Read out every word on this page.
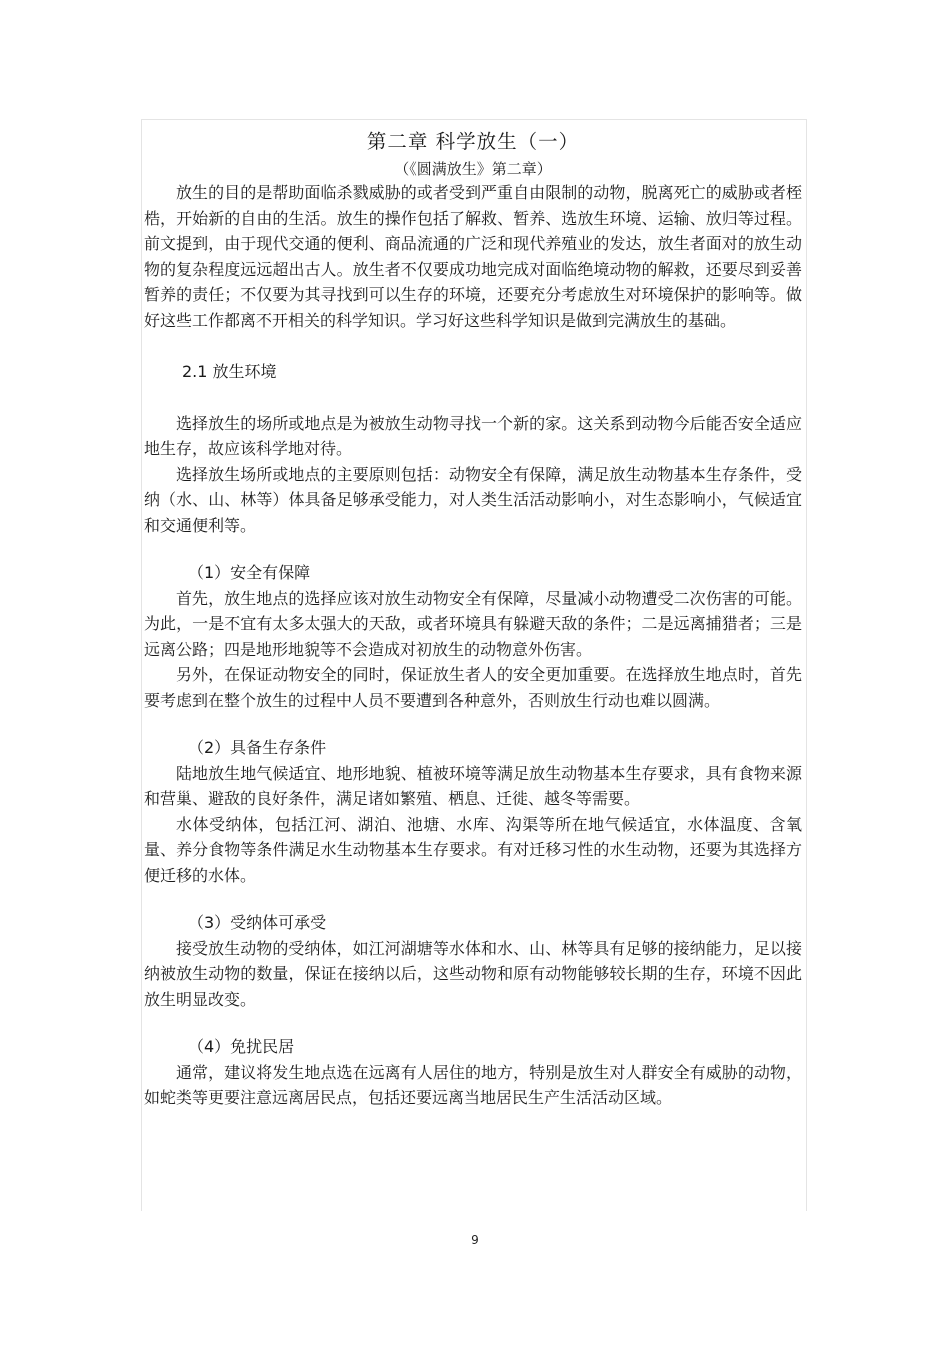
第二章 科学放生（一）

（《圆满放生》第二章）

放生的目的是帮助面临杀戮威胁的或者受到严重自由限制的动物，脱离死亡的威胁或者桎梏，开始新的自由的生活。放生的操作包括了解救、暂养、选放生环境、运输、放归等过程。前文提到，由于现代交通的便利、商品流通的广泛和现代养殖业的发达，放生者面对的放生动物的复杂程度远远超出古人。放生者不仅要成功地完成对面临绝境动物的解救，还要尽到妥善暂养的责任；不仅要为其寻找到可以生存的环境，还要充分考虑放生对环境保护的影响等。做好这些工作都离不开相关的科学知识。学习好这些科学知识是做到完满放生的基础。

2.1 放生环境

选择放生的场所或地点是为被放生动物寻找一个新的家。这关系到动物今后能否安全适应地生存，故应该科学地对待。

选择放生场所或地点的主要原则包括：动物安全有保障，满足放生动物基本生存条件，受纳（水、山、林等）体具备足够承受能力，对人类生活活动影响小，对生态影响小，气候适宜和交通便利等。

（1）安全有保障

首先，放生地点的选择应该对放生动物安全有保障，尽量减小动物遭受二次伤害的可能。为此，一是不宜有太多太强大的天敌，或者环境具有躲避天敌的条件；二是远离捕猎者；三是远离公路；四是地形地貌等不会造成对初放生的动物意外伤害。

另外，在保证动物安全的同时，保证放生者人的安全更加重要。在选择放生地点时，首先要考虑到在整个放生的过程中人员不要遭到各种意外，否则放生行动也难以圆满。

（2）具备生存条件

陆地放生地气候适宜、地形地貌、植被环境等满足放生动物基本生存要求，具有食物来源和营巢、避敌的良好条件，满足诸如繁殖、栖息、迁徙、越冬等需要。

水体受纳体，包括江河、湖泊、池塘、水库、沟渠等所在地气候适宜，水体温度、含氧量、养分食物等条件满足水生动物基本生存要求。有对迁移习性的水生动物，还要为其选择方便迁移的水体。

（3）受纳体可承受

接受放生动物的受纳体，如江河湖塘等水体和水、山、林等具有足够的接纳能力，足以接纳被放生动物的数量，保证在接纳以后，这些动物和原有动物能够较长期的生存，环境不因此放生明显改变。

（4）免扰民居

通常，建议将发生地点选在远离有人居住的地方，特别是放生对人群安全有威胁的动物，如蛇类等更要注意远离居民点，包括还要远离当地居民生产生活活动区域。

9
